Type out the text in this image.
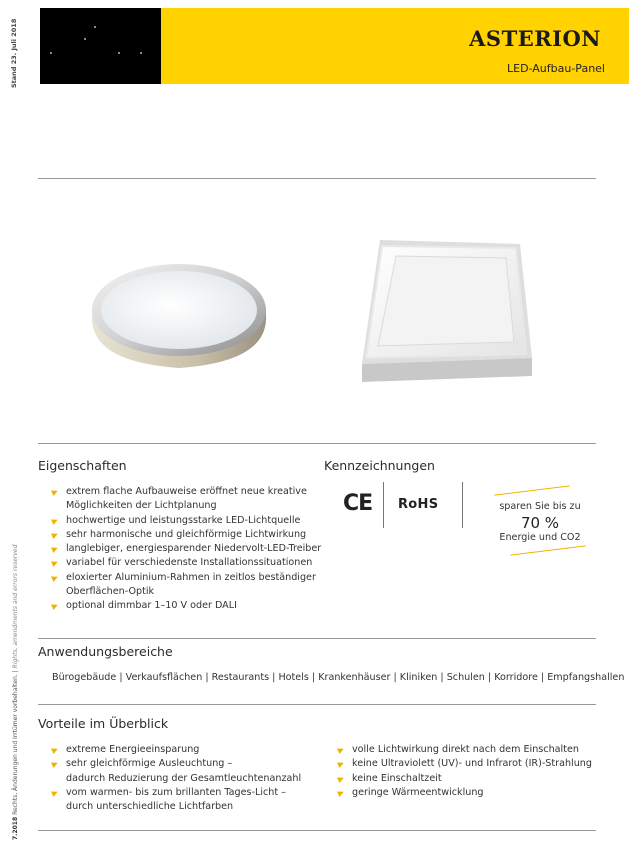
Stand 23. Juli 2018
7.2018 Rechts, Änderungen und Irrtümer vorbehalten. | Rights, amendments and errors reserved
ASTERION
LED-Aufbau-Panel
Eigenschaften
extrem flache Aufbauweise eröffnet neue kreative
Möglichkeiten der Lichtplanung
hochwertige und leistungsstarke LED-Lichtquelle
sehr harmonische und gleichförmige Lichtwirkung
langlebiger, energiesparender Niedervolt-LED-Treiber
variabel für verschiedenste Installationssituationen
eloxierter Aluminium-Rahmen in zeitlos beständiger
Oberflächen-Optik
optional dimmbar 1–10 V oder DALI
Kennzeichnungen
CE RoHS	sparen Sie bis zu
70 %
Energie und CO2
Anwendungsbereiche
Bürogebäude | Verkaufsflächen | Restaurants | Hotels | Krankenhäuser | Kliniken | Schulen | Korridore | Empfangshallen
Vorteile im Überblick
extreme Energieeinsparung
sehr gleichförmige Ausleuchtung –
dadurch Reduzierung der Gesamtleuchtenanzahl
vom warmen- bis zum brillanten Tages-Licht –
durch unterschiedliche Lichtfarben
volle Lichtwirkung direkt nach dem Einschalten
keine Ultraviolett (UV)- und Infrarot (IR)-Strahlung
keine Einschaltzeit
geringe Wärmeentwicklung
